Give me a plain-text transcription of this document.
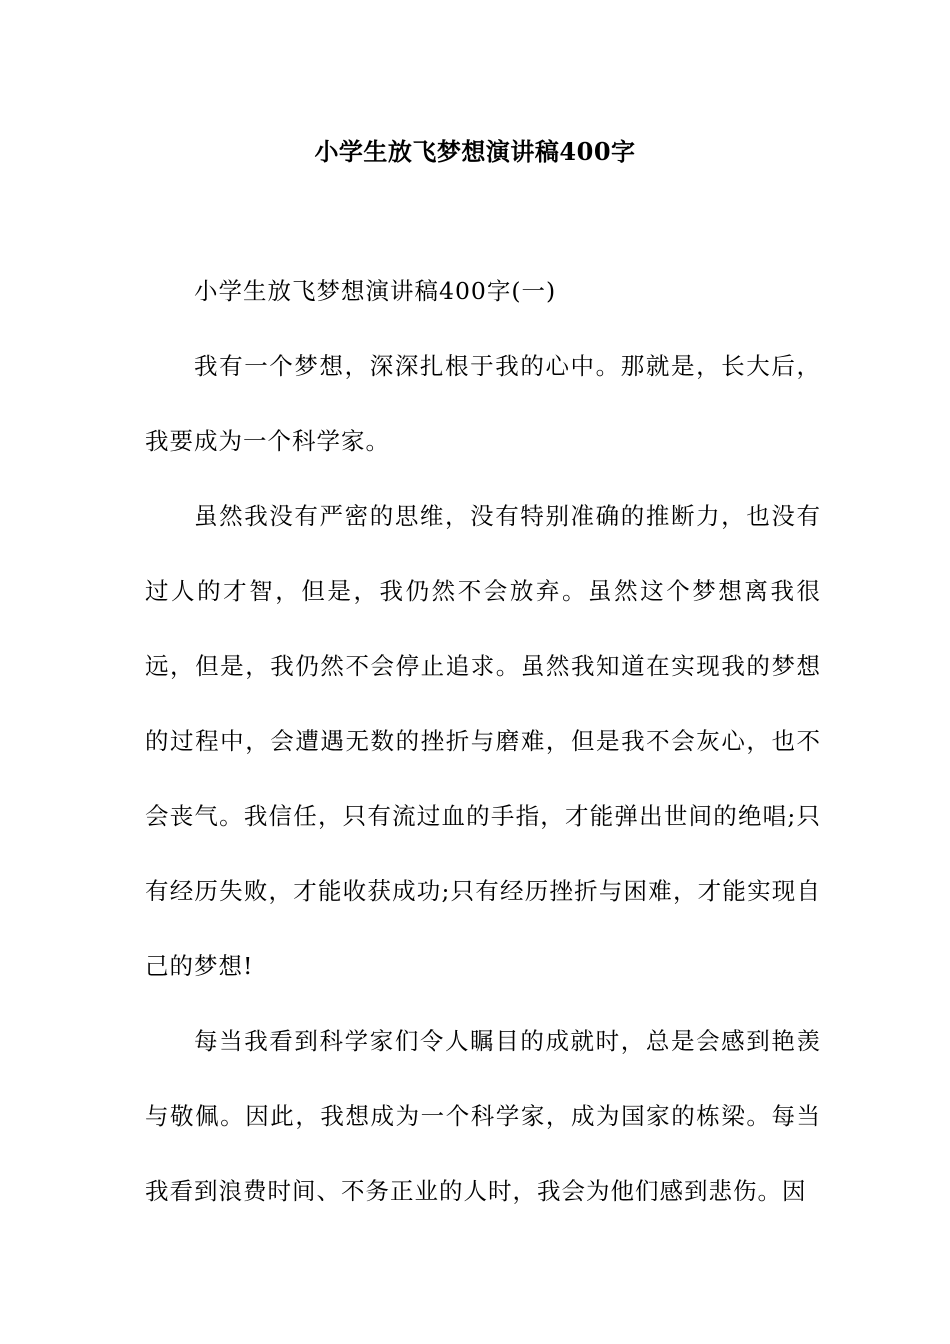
小学生放飞梦想演讲稿400字

小学生放飞梦想演讲稿400字(一)

我有一个梦想，深深扎根于我的心中。那就是，长大后，我要成为一个科学家。

虽然我没有严密的思维，没有特别准确的推断力，也没有过人的才智，但是，我仍然不会放弃。虽然这个梦想离我很远，但是，我仍然不会停止追求。虽然我知道在实现我的梦想的过程中，会遭遇无数的挫折与磨难，但是我不会灰心，也不会丧气。我信任，只有流过血的手指，才能弹出世间的绝唱;只有经历失败，才能收获成功;只有经历挫折与困难，才能实现自己的梦想!

每当我看到科学家们令人瞩目的成就时，总是会感到艳羡与敬佩。因此，我想成为一个科学家，成为国家的栋梁。每当我看到浪费时间、不务正业的人时，我会为他们感到悲伤。因
